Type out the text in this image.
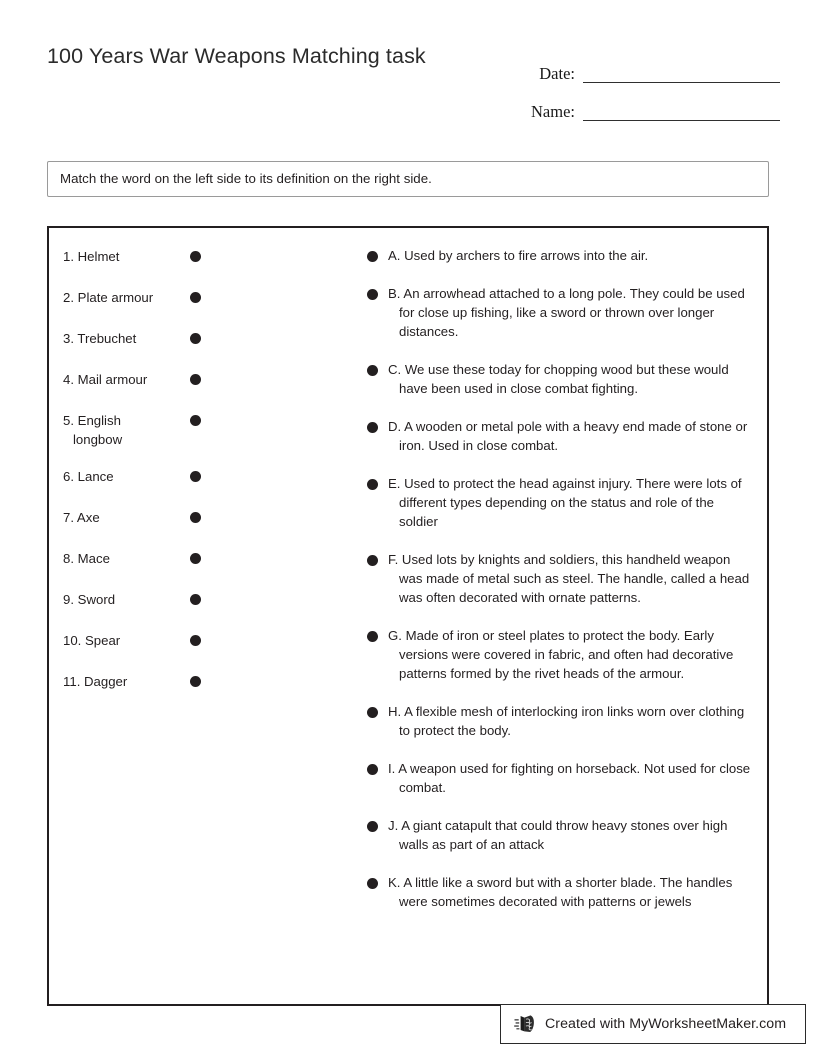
100 Years War Weapons Matching task
Date:
Name:
Match the word on the left side to its definition on the right side.
1. Helmet
2. Plate armour
3. Trebuchet
4. Mail armour
5. English longbow
6. Lance
7. Axe
8. Mace
9. Sword
10. Spear
11. Dagger
A. Used by archers to fire arrows into the air.
B. An arrowhead attached to a long pole. They could be used for close up fishing, like a sword or thrown over longer distances.
C. We use these today for chopping wood but these would have been used in close combat fighting.
D. A wooden or metal pole with a heavy end made of stone or iron. Used in close combat.
E. Used to protect the head against injury. There were lots of different types depending on the status and role of the soldier
F. Used lots by knights and soldiers, this handheld weapon was made of metal such as steel. The handle, called a head was often decorated with ornate patterns.
G. Made of iron or steel plates to protect the body. Early versions were covered in fabric, and often had decorative patterns formed by the rivet heads of the armour.
H. A flexible mesh of interlocking iron links worn over clothing to protect the body.
I. A weapon used for fighting on horseback. Not used for close combat.
J. A giant catapult that could throw heavy stones over high walls as part of an attack
K. A little like a sword but with a shorter blade. The handles were sometimes decorated with patterns or jewels
Created with MyWorksheetMaker.com
